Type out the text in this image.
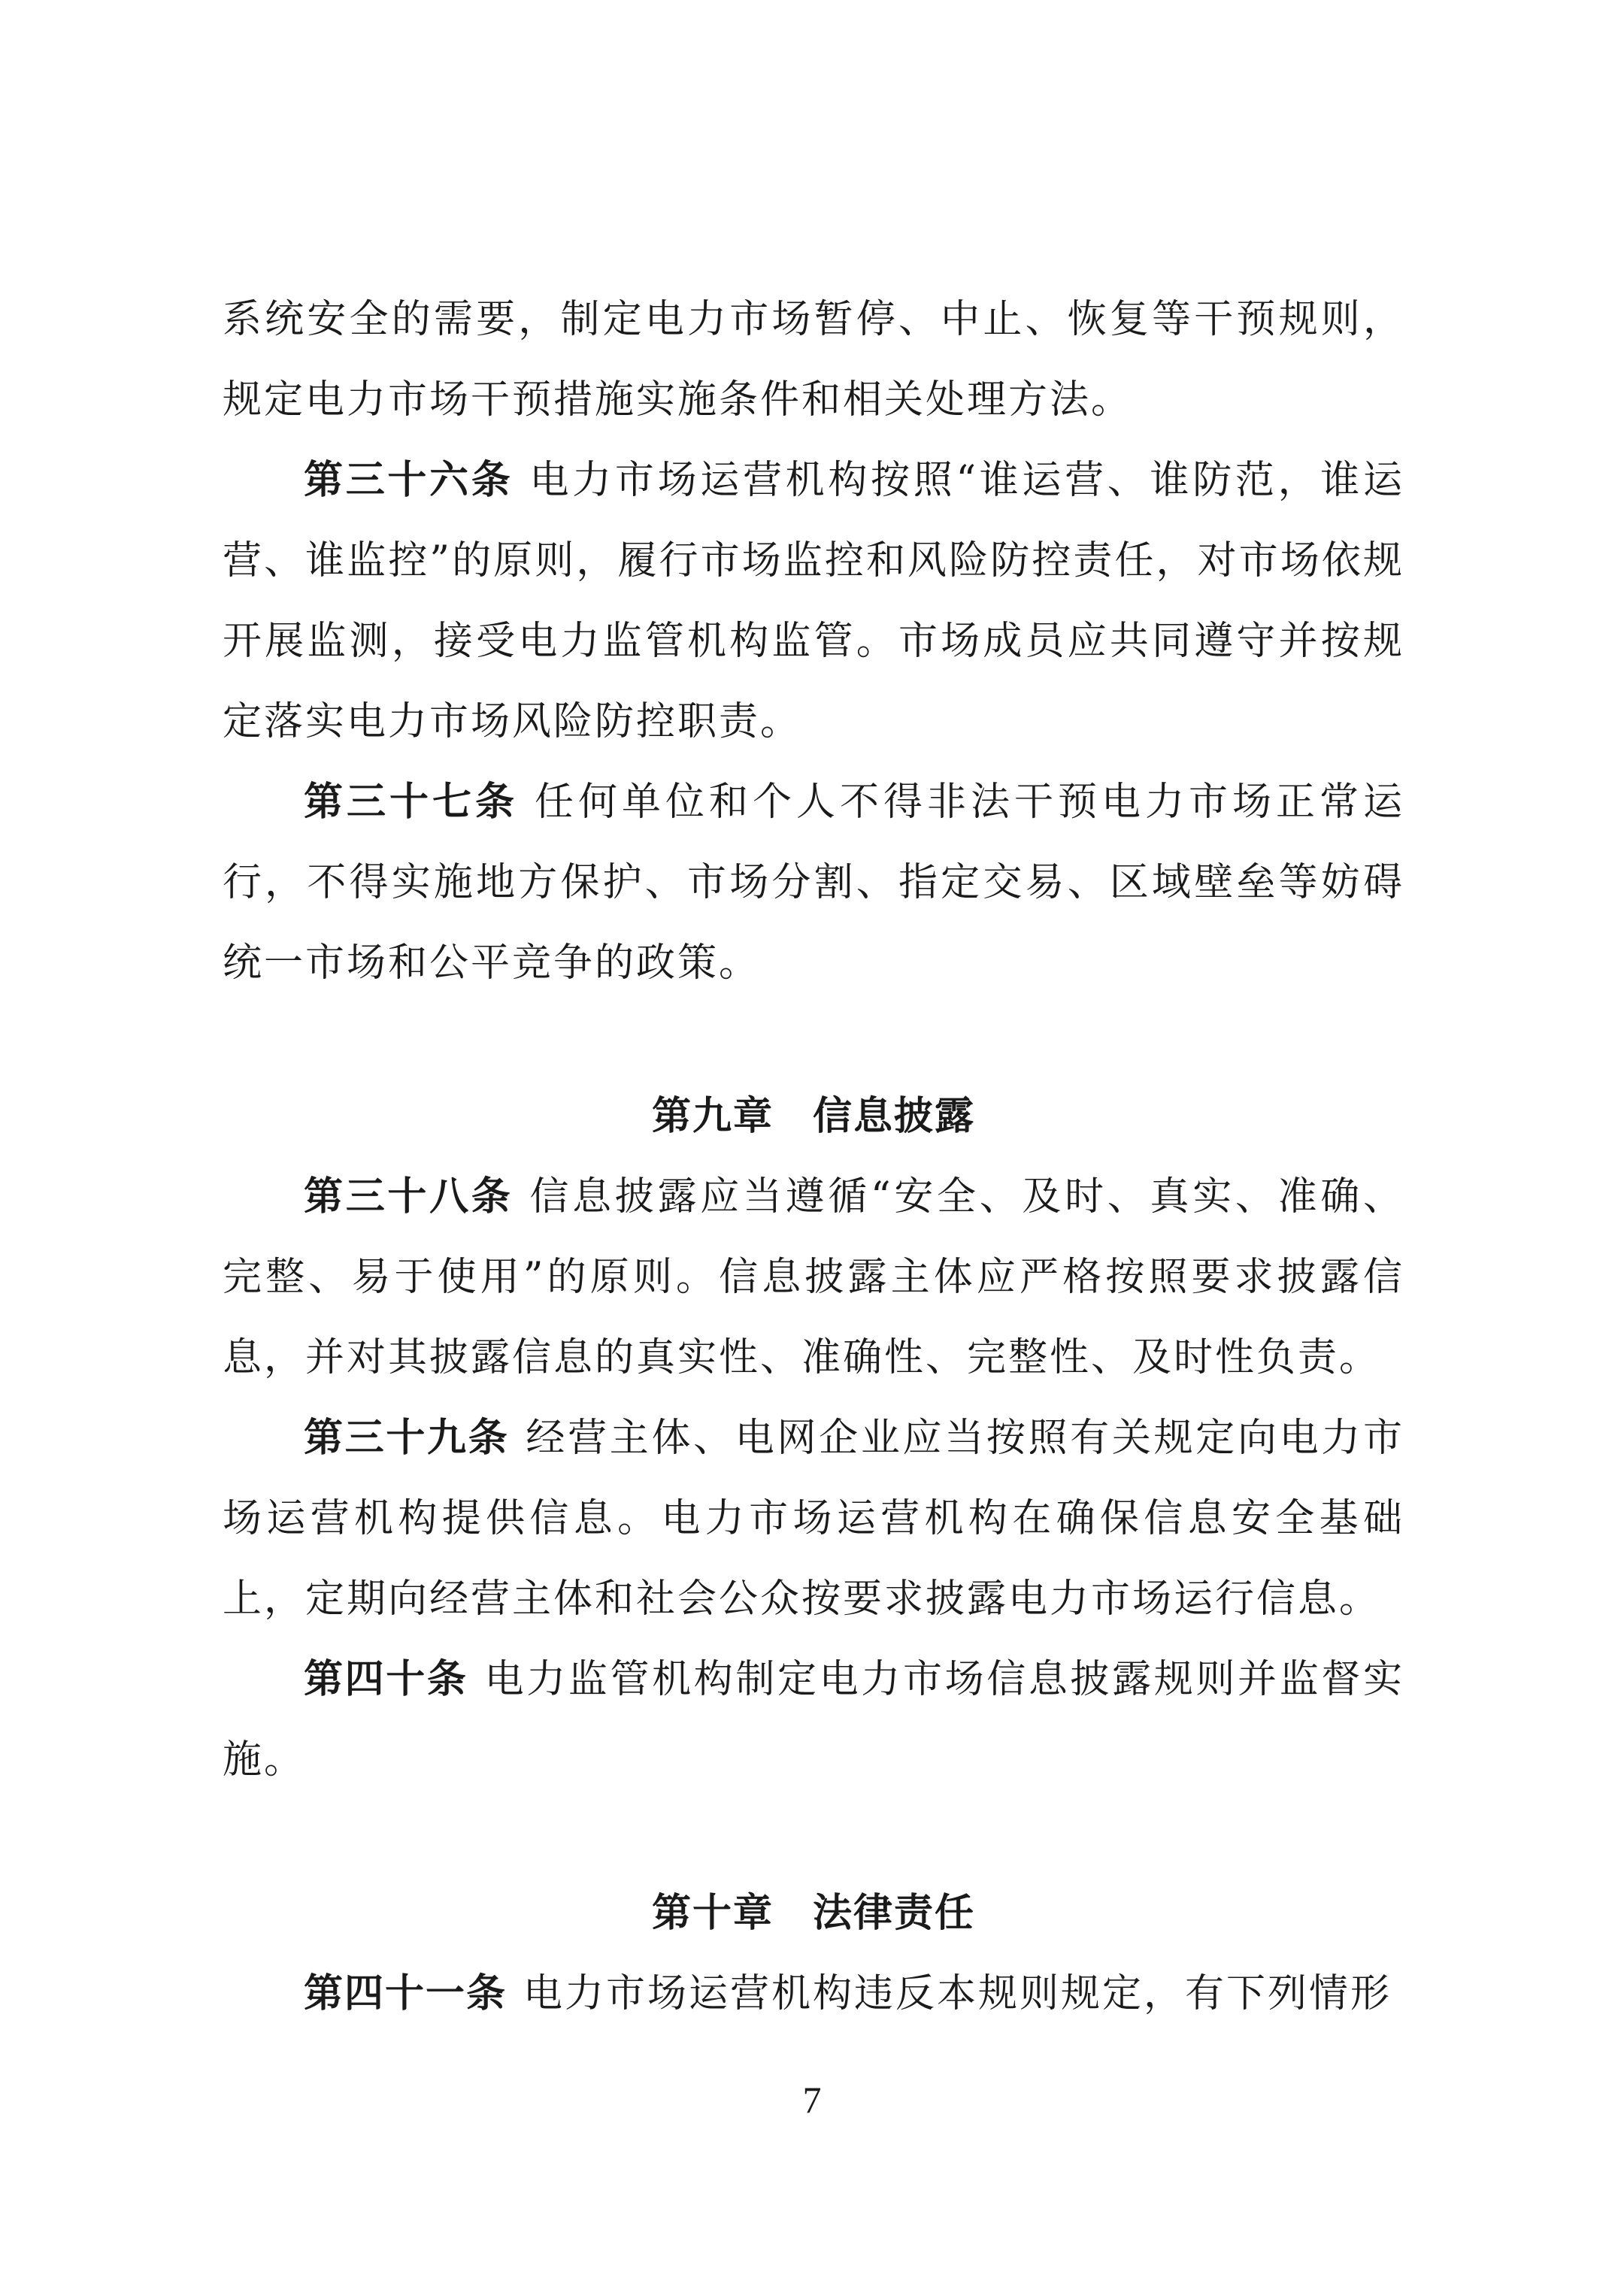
系统安全的需要，制定电力市场暂停、中止、恢复等干预规则，规定电力市场干预措施实施条件和相关处理方法。

第三十六条 电力市场运营机构按照“谁运营、谁防范，谁运营、谁监控”的原则，履行市场监控和风险防控责任，对市场依规开展监测，接受电力监管机构监管。市场成员应共同遵守并按规定落实电力市场风险防控职责。

第三十七条 任何单位和个人不得非法干预电力市场正常运行，不得实施地方保护、市场分割、指定交易、区域壁垒等妨碍统一市场和公平竞争的政策。

第九章 信息披露

第三十八条 信息披露应当遵循“安全、及时、真实、准确、完整、易于使用”的原则。信息披露主体应严格按照要求披露信息，并对其披露信息的真实性、准确性、完整性、及时性负责。

第三十九条 经营主体、电网企业应当按照有关规定向电力市场运营机构提供信息。电力市场运营机构在确保信息安全基础上，定期向经营主体和社会公众按要求披露电力市场运行信息。

第四十条 电力监管机构制定电力市场信息披露规则并监督实施。

第十章 法律责任

第四十一条 电力市场运营机构违反本规则规定，有下列情形

7
